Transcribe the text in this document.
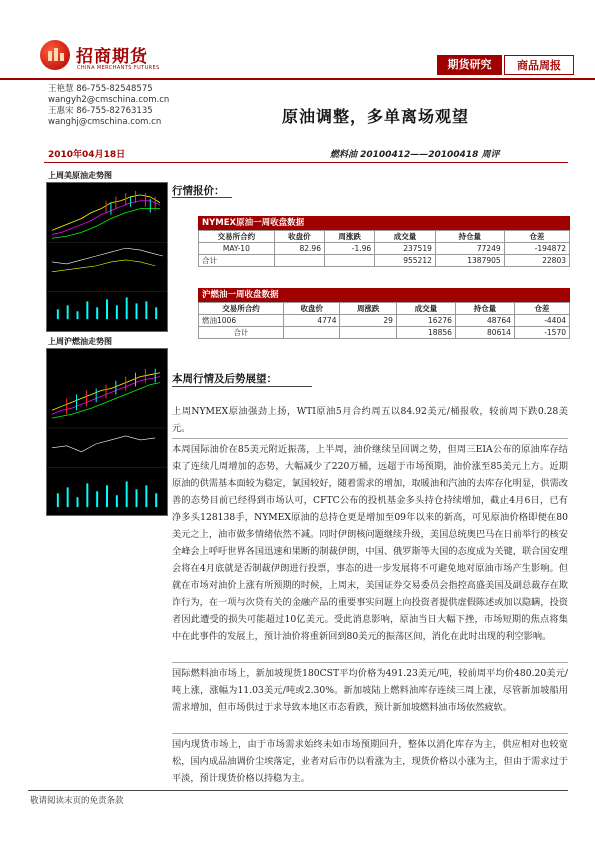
招商期货
CHINA MERCHANTS FUTURES	期货研究	商品周报
王艳慧 86-755-82548575
wangyh2@cmschina.com.cn
王惠宋 86-755-82763135
wanghj@cmschina.com.cn	原油调整，多单离场观望
2010年04月18日	燃料油 20100412——20100418 周评
上周美原油走势图
上周沪燃油走势图
行情报价：
NYMEX原油一周收盘数据
交易所合约	收盘价	周涨跌	成交量	持仓量	仓差
MAY-10	82.96	-1.96	237519	77249	-194872
合计			955212	1387905	22803
沪燃油一周收盘数据
交易所合约	收盘价	周涨跌	成交量	持仓量	仓差
燃油1006	4774	29	16276	48764	-4404
合计			18856	80614	-1570
本周行情及后势展望：
上周NYMEX原油强劲上扬，WTI原油5月合约周五以84.92美元/桶报收，较前周下跌0.28美元。
本周国际油价在85美元附近振荡，上半周，油价继续呈回调之势，但周三EIA公布的原油库存结束了连续几周增加的态势，大幅减少了220万桶，远超于市场预期，油价涨至85美元上方。近期原油的供需基本面较为稳定，氯国较好，随着需求的增加，取暖油和汽油的去库存化明显，供需改善的态势目前已经得到市场认可，CFTC公布的投机基金多头持仓持续增加，截止4月6日，已有净多头128138手，NYMEX原油的总持仓更是增加至09年以来的新高，可见原油价格即便在80美元之上，油市做多情绪依然不减。同时伊朗核问题继续升级，美国总统奥巴马在日前举行的核安全峰会上呼吁世界各国迅速和果断的制裁伊朗，中国、俄罗斯等大国的态度成为关键，联合国安理会将在4月底就是否制裁伊朗进行投票，事态的进一步发展将不可避免地对原油市场产生影响。但就在市场对油价上涨有所预期的时候，上周末，美国证券交易委员会指控高盛美国及副总裁存在欺诈行为，在一项与次贷有关的金融产品的重要事实问题上向投资者提供虚假陈述或加以隐瞒，投资者因此遭受的损失可能超过10亿美元。受此消息影响，原油当日大幅下挫，市场短期的焦点将集中在此事件的发展上，预计油价将重新回到80美元的振荡区间，消化在此时出现的利空影响。
国际燃料油市场上，新加坡现货180CST平均价格为491.23美元/吨，较前周平均价480.20美元/吨上涨，涨幅为11.03美元/吨或2.30%。新加坡陆上燃料油库存连续三周上涨，尽管新加坡船用需求增加，但市场供过于求导致本地区市态看跌，预计新加坡燃料油市场依然疲软。
国内现货市场上，由于市场需求始终未如市场预期回升，整体以消化库存为主，供应相对也较宽松，国内成品油调价尘埃落定，业者对后市仍以看涨为主，现货价格以小涨为主，但由于需求过于平淡，预计现货价格以持稳为主。
敬请阅读末页的免责条款
